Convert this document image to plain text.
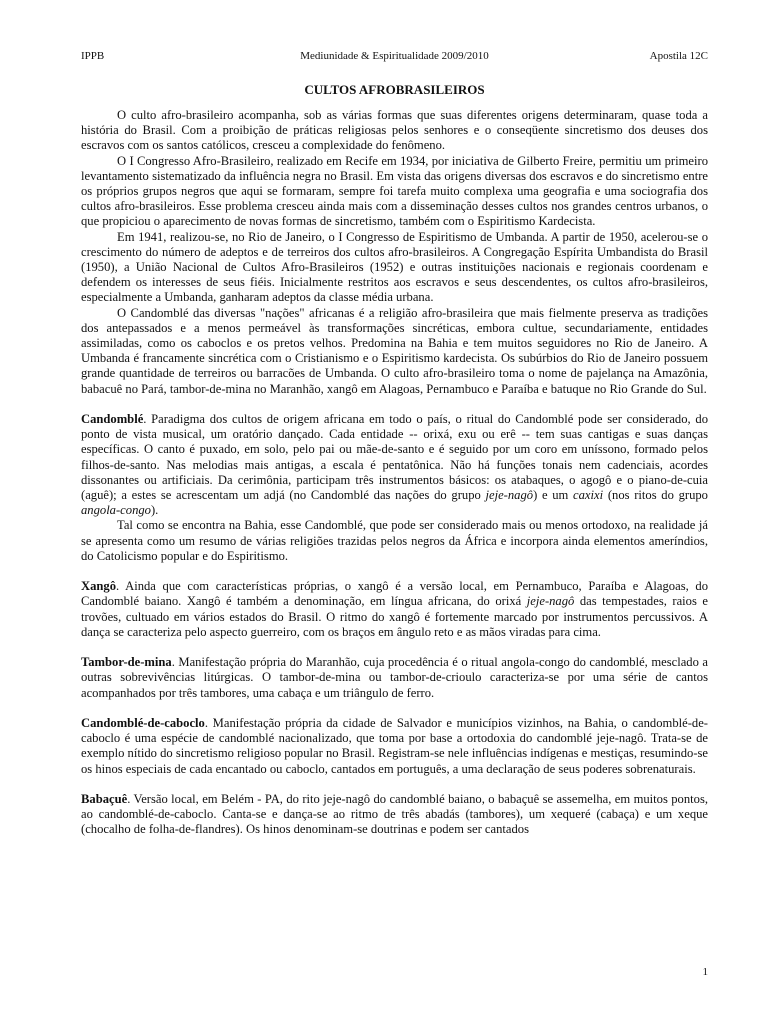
IPPB	Mediunidade & Espiritualidade 2009/2010	Apostila 12C
CULTOS AFROBRASILEIROS

O culto afro-brasileiro acompanha, sob as várias formas que suas diferentes origens determinaram, quase toda a história do Brasil. Com a proibição de práticas religiosas pelos senhores e o conseqüente sincretismo dos deuses dos escravos com os santos católicos, cresceu a complexidade do fenômeno.

O I Congresso Afro-Brasileiro, realizado em Recife em 1934, por iniciativa de Gilberto Freire, permitiu um primeiro levantamento sistematizado da influência negra no Brasil. Em vista das origens diversas dos escravos e do sincretismo entre os próprios grupos negros que aqui se formaram, sempre foi tarefa muito complexa uma geografia e uma sociografia dos cultos afro-brasileiros. Esse problema cresceu ainda mais com a disseminação desses cultos nos grandes centros urbanos, o que propiciou o aparecimento de novas formas de sincretismo, também com o Espiritismo Kardecista.

Em 1941, realizou-se, no Rio de Janeiro, o I Congresso de Espiritismo de Umbanda. A partir de 1950, acelerou-se o crescimento do número de adeptos e de terreiros dos cultos afro-brasileiros. A Congregação Espírita Umbandista do Brasil (1950), a União Nacional de Cultos Afro-Brasileiros (1952) e outras instituições nacionais e regionais coordenam e defendem os interesses de seus fiéis. Inicialmente restritos aos escravos e seus descendentes, os cultos afro-brasileiros, especialmente a Umbanda, ganharam adeptos da classe média urbana.

O Candomblé das diversas "nações" africanas é a religião afro-brasileira que mais fielmente preserva as tradições dos antepassados e a menos permeável às transformações sincréticas, embora cultue, secundariamente, entidades assimiladas, como os caboclos e os pretos velhos. Predomina na Bahia e tem muitos seguidores no Rio de Janeiro. A Umbanda é francamente sincrética com o Cristianismo e o Espiritismo kardecista. Os subúrbios do Rio de Janeiro possuem grande quantidade de terreiros ou barracões de Umbanda. O culto afro-brasileiro toma o nome de pajelança na Amazônia, babacuê no Pará, tambor-de-mina no Maranhão, xangô em Alagoas, Pernambuco e Paraíba e batuque no Rio Grande do Sul.

Candomblé. Paradigma dos cultos de origem africana em todo o país, o ritual do Candomblé pode ser considerado, do ponto de vista musical, um oratório dançado. Cada entidade -- orixá, exu ou erê -- tem suas cantigas e suas danças específicas. O canto é puxado, em solo, pelo pai ou mãe-de-santo e é seguido por um coro em uníssono, formado pelos filhos-de-santo. Nas melodias mais antigas, a escala é pentatônica. Não há funções tonais nem cadenciais, acordes dissonantes ou artificiais. Da cerimônia, participam três instrumentos básicos: os atabaques, o agogô e o piano-de-cuia (aguê); a estes se acrescentam um adjá (no Candomblé das nações do grupo jeje-nagô) e um caxixi (nos ritos do grupo angola-congo).

Tal como se encontra na Bahia, esse Candomblé, que pode ser considerado mais ou menos ortodoxo, na realidade já se apresenta como um resumo de várias religiões trazidas pelos negros da África e incorpora ainda elementos ameríndios, do Catolicismo popular e do Espiritismo.

Xangô. Ainda que com características próprias, o xangô é a versão local, em Pernambuco, Paraíba e Alagoas, do Candomblé baiano. Xangô é também a denominação, em língua africana, do orixá jeje-nagô das tempestades, raios e trovões, cultuado em vários estados do Brasil. O ritmo do xangô é fortemente marcado por instrumentos percussivos. A dança se caracteriza pelo aspecto guerreiro, com os braços em ângulo reto e as mãos viradas para cima.

Tambor-de-mina. Manifestação própria do Maranhão, cuja procedência é o ritual angola-congo do candomblé, mesclado a outras sobrevivências litúrgicas. O tambor-de-mina ou tambor-de-crioulo caracteriza-se por uma série de cantos acompanhados por três tambores, uma cabaça e um triângulo de ferro.

Candomblé-de-caboclo. Manifestação própria da cidade de Salvador e municípios vizinhos, na Bahia, o candomblé-de-caboclo é uma espécie de candomblé nacionalizado, que toma por base a ortodoxia do candomblé jeje-nagô. Trata-se de exemplo nítido do sincretismo religioso popular no Brasil. Registram-se nele influências indígenas e mestiças, resumindo-se os hinos especiais de cada encantado ou caboclo, cantados em português, a uma declaração de seus poderes sobrenaturais.

Babaçuê. Versão local, em Belém - PA, do rito jeje-nagô do candomblé baiano, o babaçuê se assemelha, em muitos pontos, ao candomblé-de-caboclo. Canta-se e dança-se ao ritmo de três abadás (tambores), um xequeré (cabaça) e um xeque (chocalho de folha-de-flandres). Os hinos denominam-se doutrinas e podem ser cantados

1
